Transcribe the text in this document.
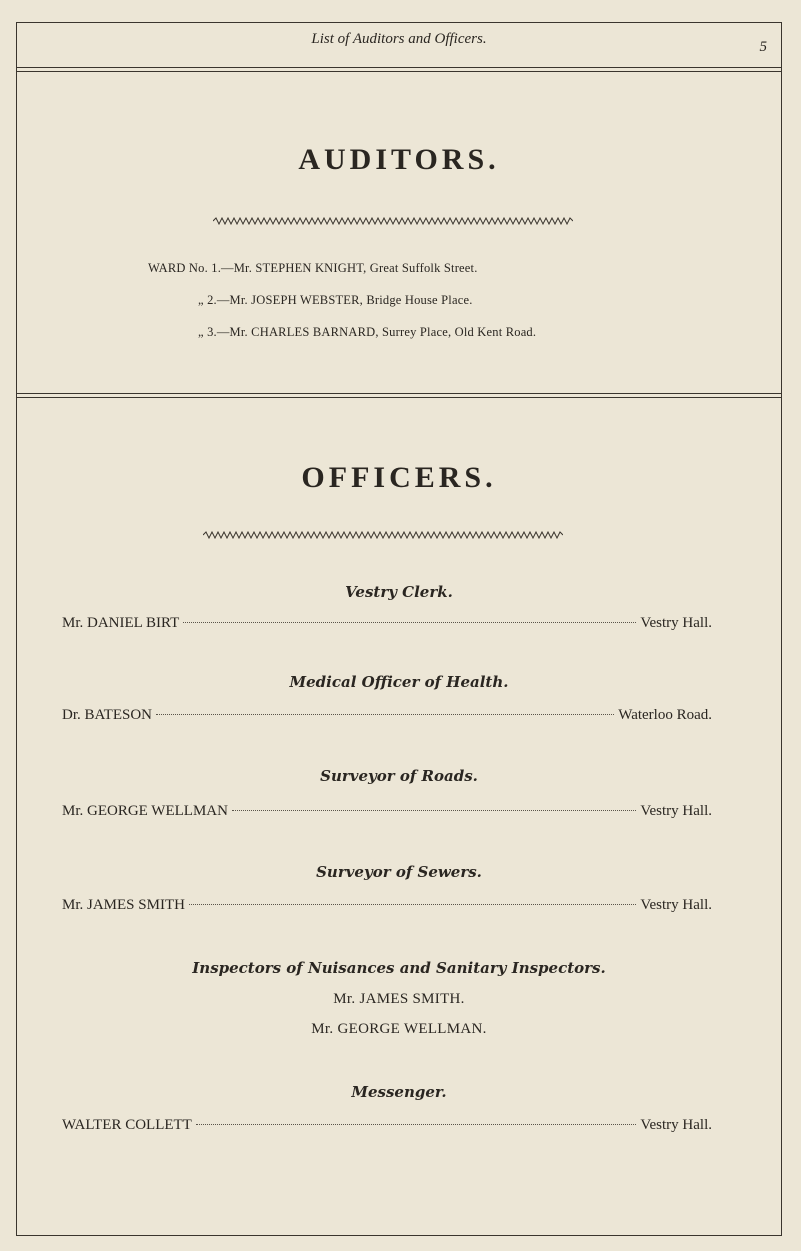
List of Auditors and Officers.	5
AUDITORS.
WARD No. 1.—Mr. STEPHEN KNIGHT, Great Suffolk Street.
„ 2.—Mr. JOSEPH WEBSTER, Bridge House Place.
„ 3.—Mr. CHARLES BARNARD, Surrey Place, Old Kent Road.
OFFICERS.
Vestry Clerk.
Mr. DANIEL BIRT	Vestry Hall.
Medical Officer of Health.
Dr. BATESON	Waterloo Road.
Surveyor of Roads.
Mr. GEORGE WELLMAN	Vestry Hall.
Surveyor of Sewers.
Mr. JAMES SMITH	Vestry Hall.
Inspectors of Nuisances and Sanitary Inspectors.
Mr. JAMES SMITH.
Mr. GEORGE WELLMAN.
Messenger.
WALTER COLLETT	Vestry Hall.
